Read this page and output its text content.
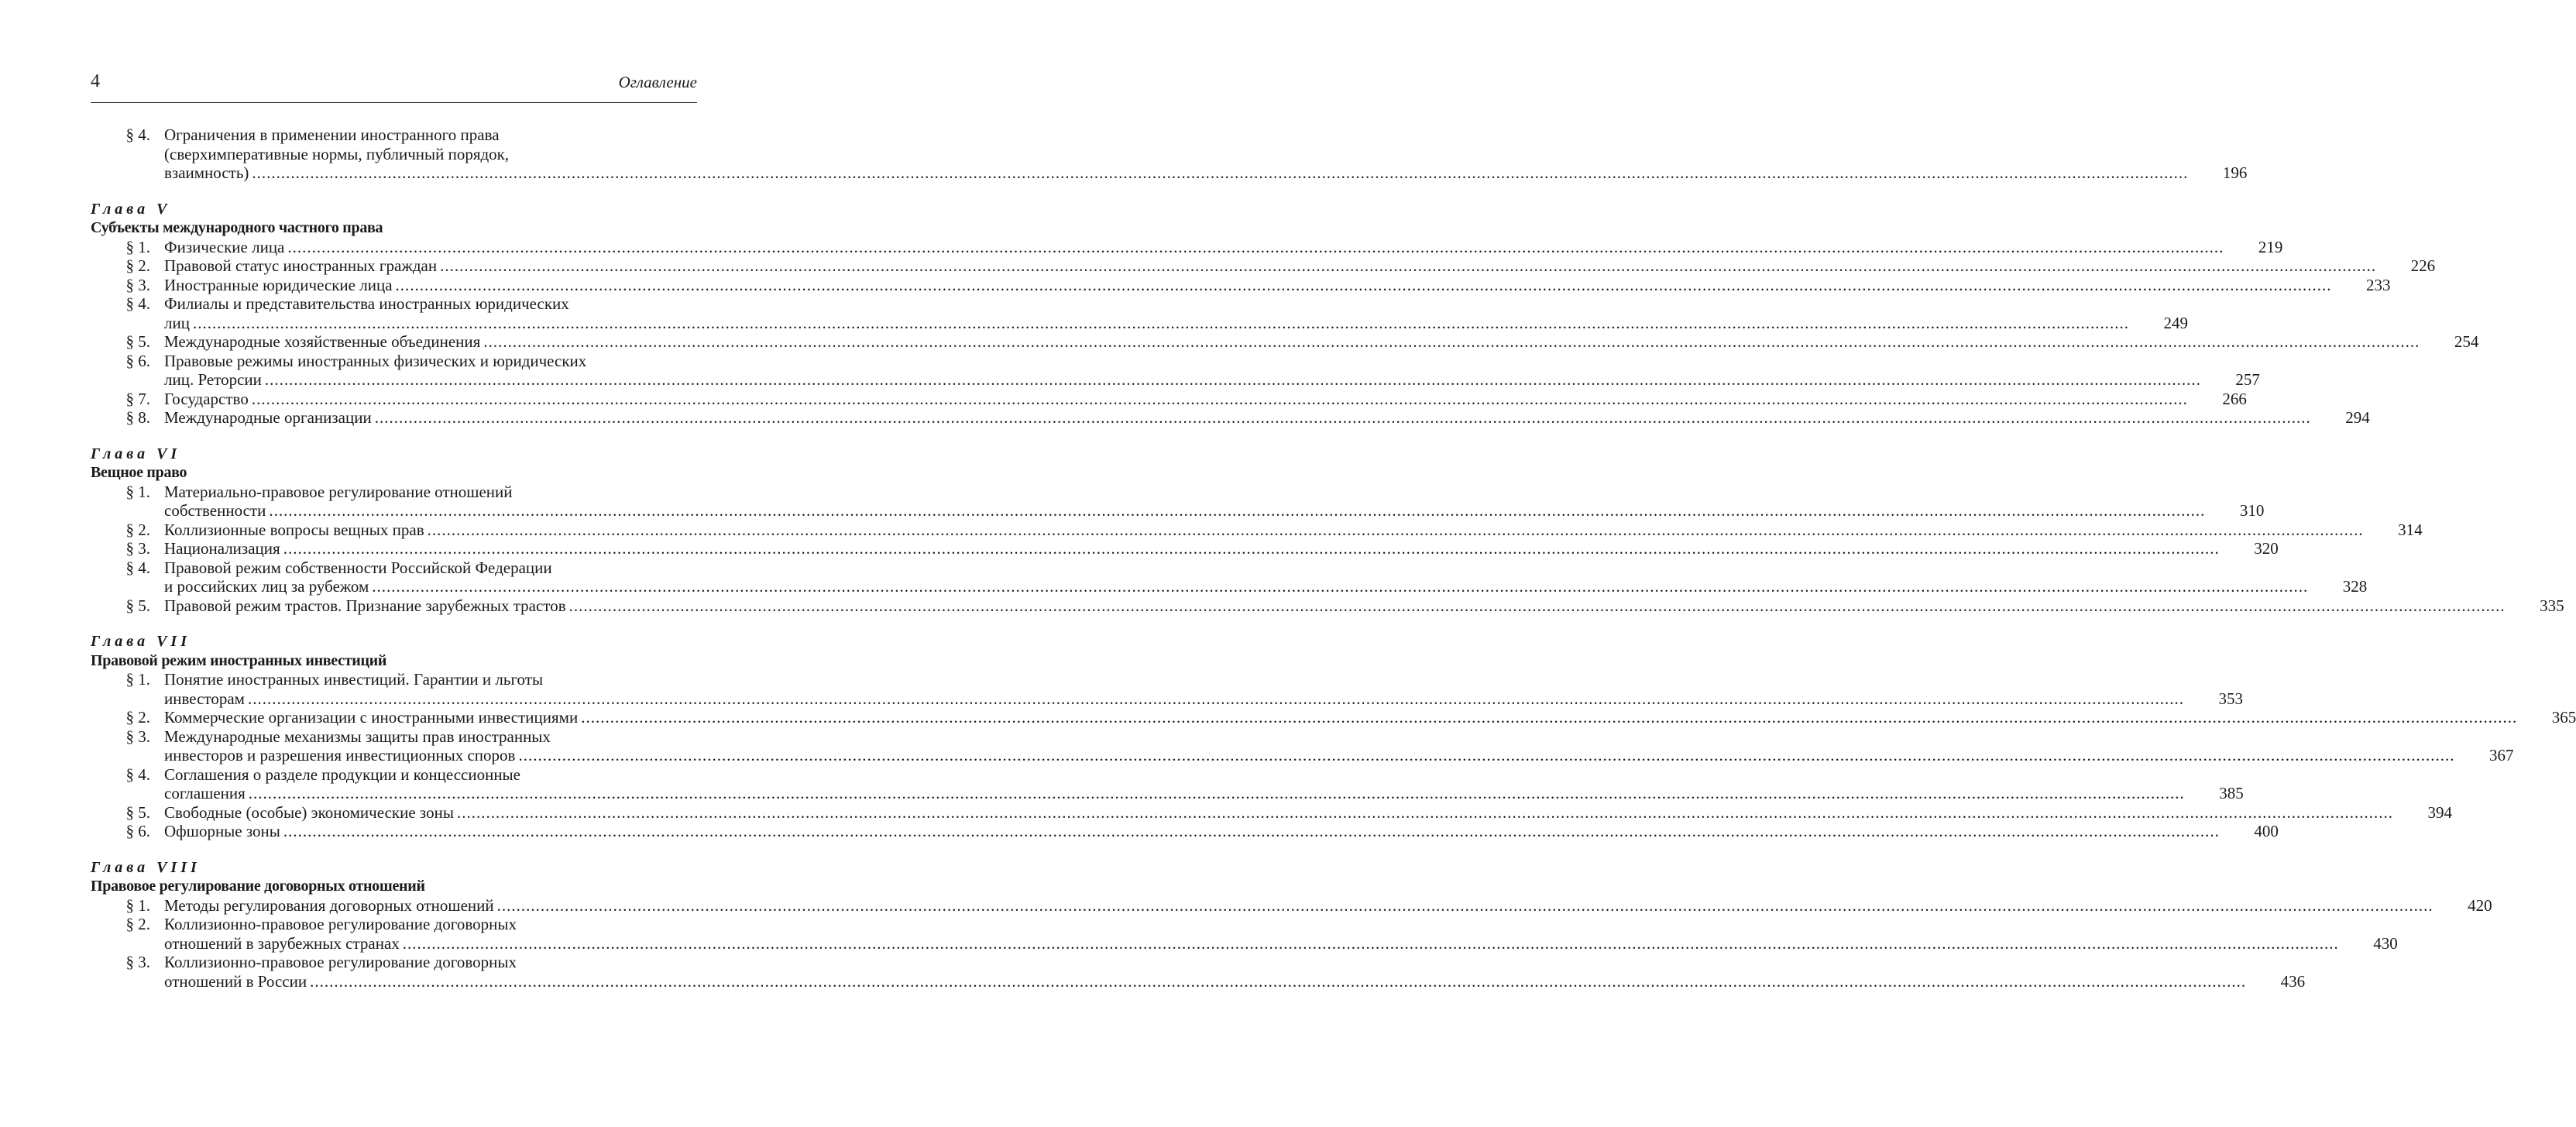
4	Оглавление
§ 4. Ограничения в применении иностранного права
(сверхимперативные нормы, публичный порядок,
взаимность) .....	196
Глава V
Субъекты международного частного права
§ 1. Физические лица .....	219
§ 2. Правовой статус иностранных граждан .....	226
§ 3. Иностранные юридические лица .....	233
§ 4. Филиалы и представительства иностранных юридических
лиц .....	249
§ 5. Международные хозяйственные объединения .....	254
§ 6. Правовые режимы иностранных физических и юридических
лиц. Реторсии .....	257
§ 7. Государство .....	266
§ 8. Международные организации .....	294
Глава VI
Вещное право
§ 1. Материально-правовое регулирование отношений
собственности .....	310
§ 2. Коллизионные вопросы вещных прав .....	314
§ 3. Национализация .....	320
§ 4. Правовой режим собственности Российской Федерации
и российских лиц за рубежом .....	328
§ 5. Правовой режим трастов. Признание зарубежных трастов .....	335
Глава VII
Правовой режим иностранных инвестиций
§ 1. Понятие иностранных инвестиций. Гарантии и льготы
инвесторам .....	353
§ 2. Коммерческие организации с иностранными инвестициями .....	365
§ 3. Международные механизмы защиты прав иностранных
инвесторов и разрешения инвестиционных споров .....	367
§ 4. Соглашения о разделе продукции и концессионные
соглашения .....	385
§ 5. Свободные (особые) экономические зоны .....	394
§ 6. Офшорные зоны .....	400
Глава VIII
Правовое регулирование договорных отношений
§ 1. Методы регулирования договорных отношений .....	420
§ 2. Коллизионно-правовое регулирование договорных
отношений в зарубежных странах .....	430
§ 3. Коллизионно-правовое регулирование договорных
отношений в России .....	436
